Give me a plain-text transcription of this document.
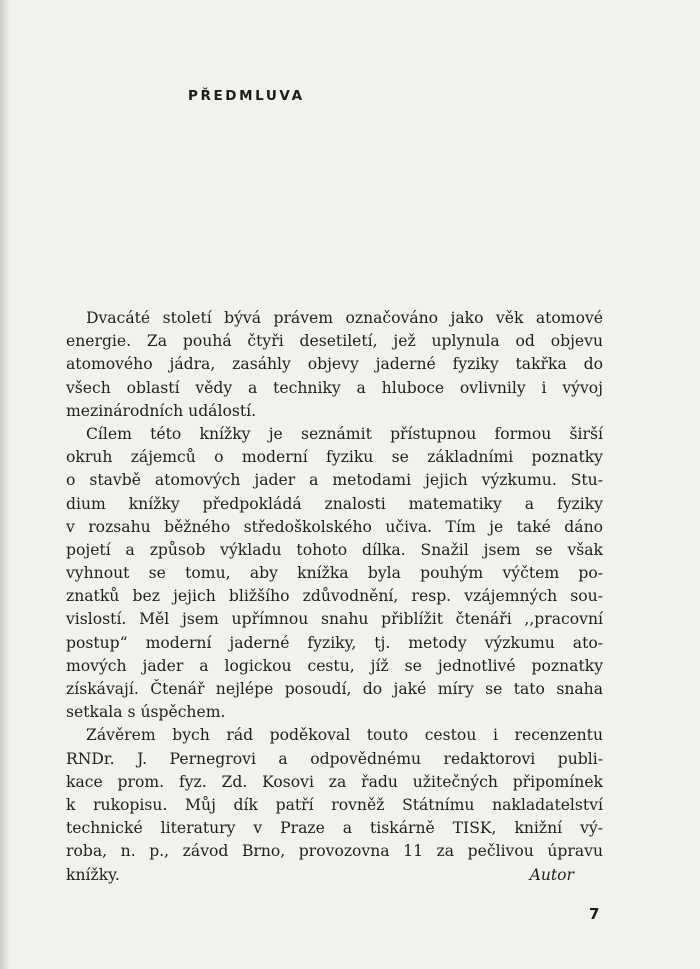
PŘEDMLUVA
Dvacáté století bývá právem označováno jako věk atomové
energie. Za pouhá čtyři desetiletí, jež uplynula od objevu
atomového jádra, zasáhly objevy jaderné fyziky takřka do
všech oblastí vědy a techniky a hluboce ovlivnily i vývoj
mezinárodních událostí.
Cílem této knížky je seznámit přístupnou formou širší
okruh zájemců o moderní fyziku se základními poznatky
o stavbě atomových jader a metodami jejich výzkumu. Stu-
dium knížky předpokládá znalosti matematiky a fyziky
v rozsahu běžného středoškolského učiva. Tím je také dáno
pojetí a způsob výkladu tohoto dílka. Snažil jsem se však
vyhnout se tomu, aby knížka byla pouhým výčtem po-
znatků bez jejich bližšího zdůvodnění, resp. vzájemných sou-
vislostí. Měl jsem upřímnou snahu přiblížit čtenáři ,,pracovní
postup“ moderní jaderné fyziky, tj. metody výzkumu ato-
mových jader a logickou cestu, jíž se jednotlivé poznatky
získávají. Čtenář nejlépe posoudí, do jaké míry se tato snaha
setkala s úspěchem.
Závěrem bych rád poděkoval touto cestou i recenzentu
RNDr. J. Pernegrovi a odpovědnému redaktorovi publi-
kace prom. fyz. Zd. Kosovi za řadu užitečných připomínek
k rukopisu. Můj dík patří rovněž Státnímu nakladatelství
technické literatury v Praze a tiskárně TISK, knižní vý-
roba, n. p., závod Brno, provozovna 11 za pečlivou úpravu
knížky.	Autor
7
